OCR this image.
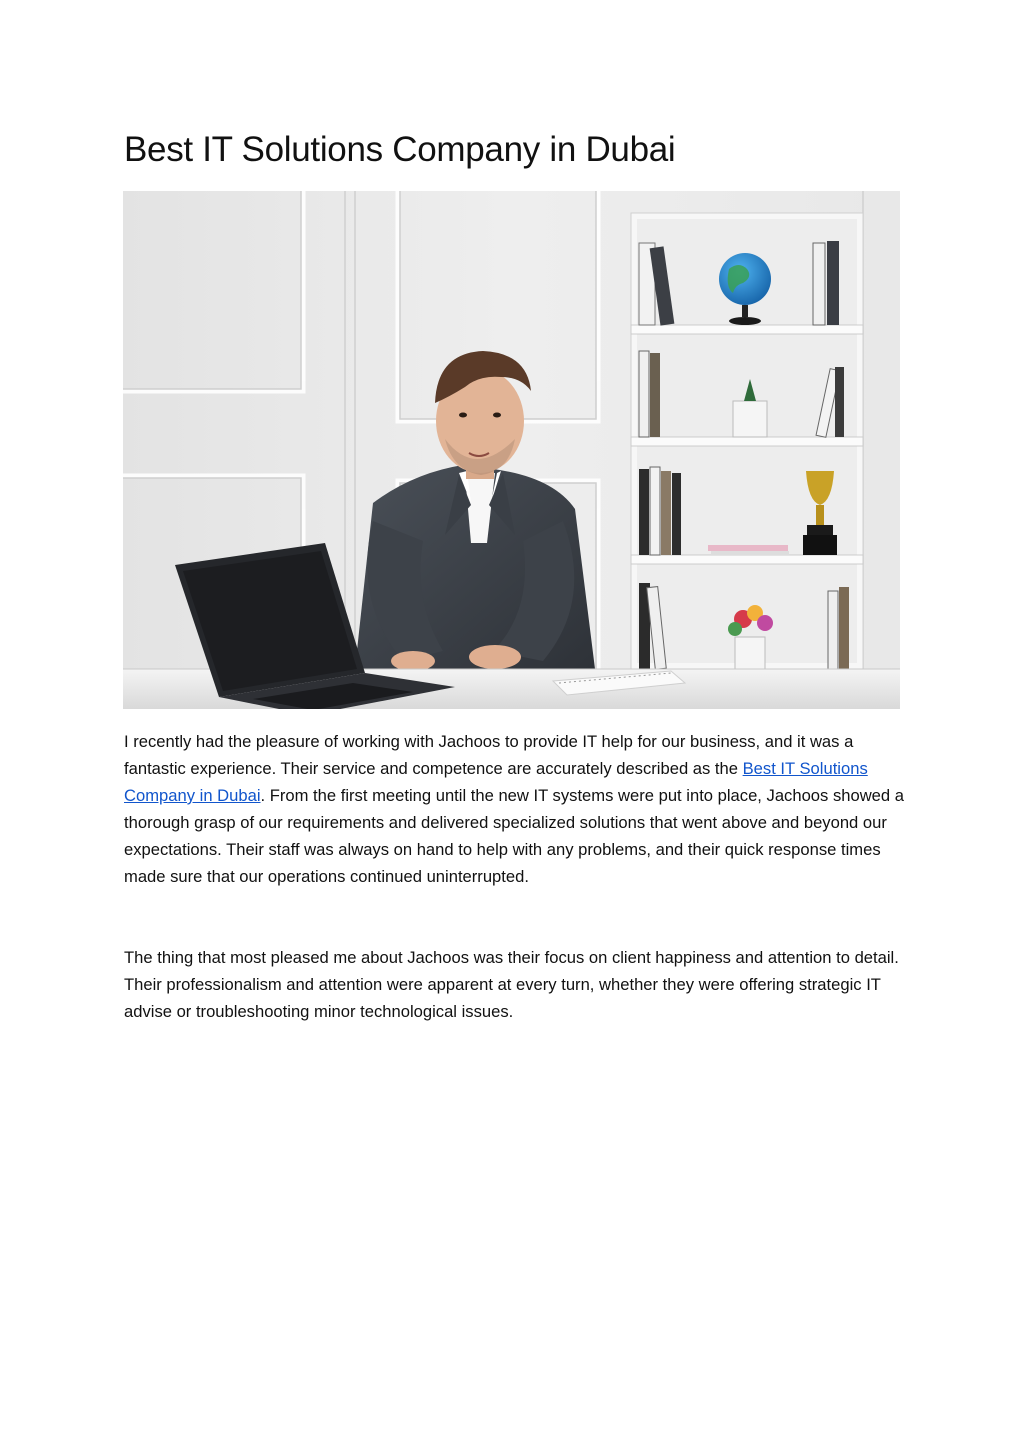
Best IT Solutions Company in Dubai

I recently had the pleasure of working with Jachoos to provide IT help for our business, and it was a fantastic experience. Their service and competence are accurately described as the Best IT Solutions Company in Dubai. From the first meeting until the new IT systems were put into place, Jachoos showed a thorough grasp of our requirements and delivered specialized solutions that went above and beyond our expectations. Their staff was always on hand to help with any problems, and their quick response times made sure that our operations continued uninterrupted.

The thing that most pleased me about Jachoos was their focus on client happiness and attention to detail. Their professionalism and attention were apparent at every turn, whether they were offering strategic IT advise or troubleshooting minor technological issues.
